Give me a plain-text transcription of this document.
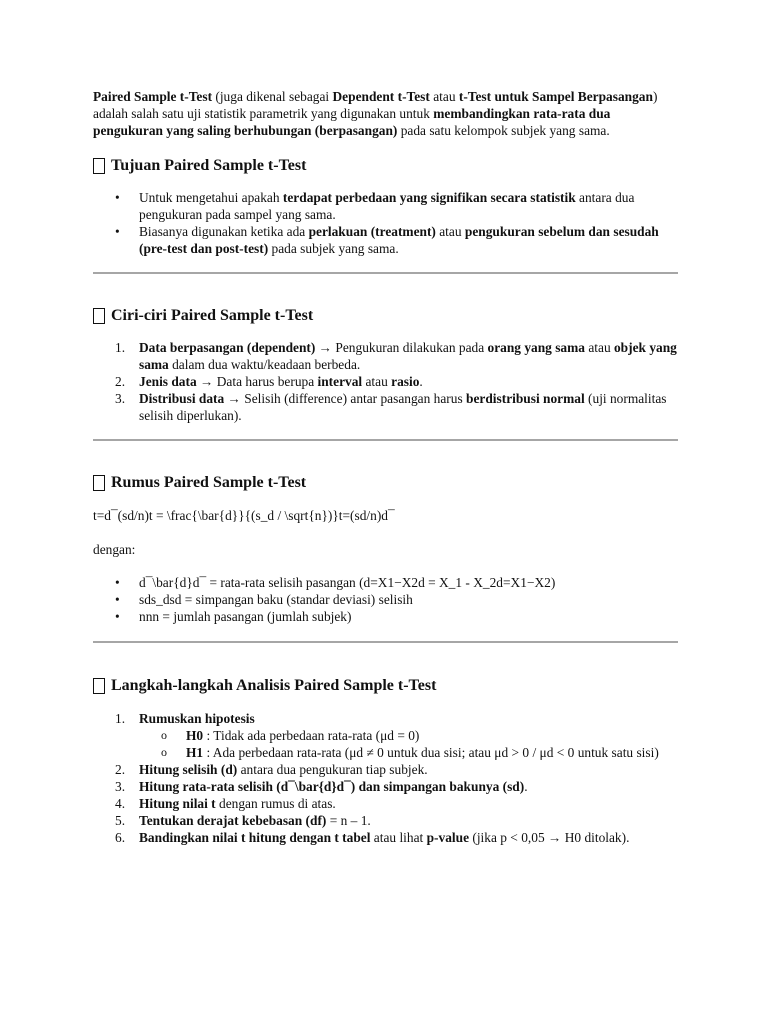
Paired Sample t-Test (juga dikenal sebagai Dependent t-Test atau t-Test untuk Sampel Berpasangan) adalah salah satu uji statistik parametrik yang digunakan untuk membandingkan rata-rata dua pengukuran yang saling berhubungan (berpasangan) pada satu kelompok subjek yang sama.

Tujuan Paired Sample t-Test
• Untuk mengetahui apakah terdapat perbedaan yang signifikan secara statistik antara dua pengukuran pada sampel yang sama.
• Biasanya digunakan ketika ada perlakuan (treatment) atau pengukuran sebelum dan sesudah (pre-test dan post-test) pada subjek yang sama.
Ciri-ciri Paired Sample t-Test
1. Data berpasangan (dependent) → Pengukuran dilakukan pada orang yang sama atau objek yang sama dalam dua waktu/keadaan berbeda.
2. Jenis data → Data harus berupa interval atau rasio.
3. Distribusi data → Selisih (difference) antar pasangan harus berdistribusi normal (uji normalitas selisih diperlukan).
Rumus Paired Sample t-Test

t=d¯(sd/n)t = \frac{\bar{d}}{(s_d / \sqrt{n})}t=(sd/n)d¯

dengan:

• d¯\bar{d}d¯ = rata-rata selisih pasangan (d=X1−X2d = X_1 - X_2d=X1−X2)
• sds_dsd = simpangan baku (standar deviasi) selisih
• nnn = jumlah pasangan (jumlah subjek)
Langkah-langkah Analisis Paired Sample t-Test
1. Rumuskan hipotesis
o H0 : Tidak ada perbedaan rata-rata (μd = 0)
o H1 : Ada perbedaan rata-rata (μd ≠ 0 untuk dua sisi; atau μd > 0 / μd < 0 untuk satu sisi)
2. Hitung selisih (d) antara dua pengukuran tiap subjek.
3. Hitung rata-rata selisih (d¯\bar{d}d¯) dan simpangan bakunya (sd).
4. Hitung nilai t dengan rumus di atas.
5. Tentukan derajat kebebasan (df) = n – 1.
6. Bandingkan nilai t hitung dengan t tabel atau lihat p-value (jika p < 0,05 → H0 ditolak).
